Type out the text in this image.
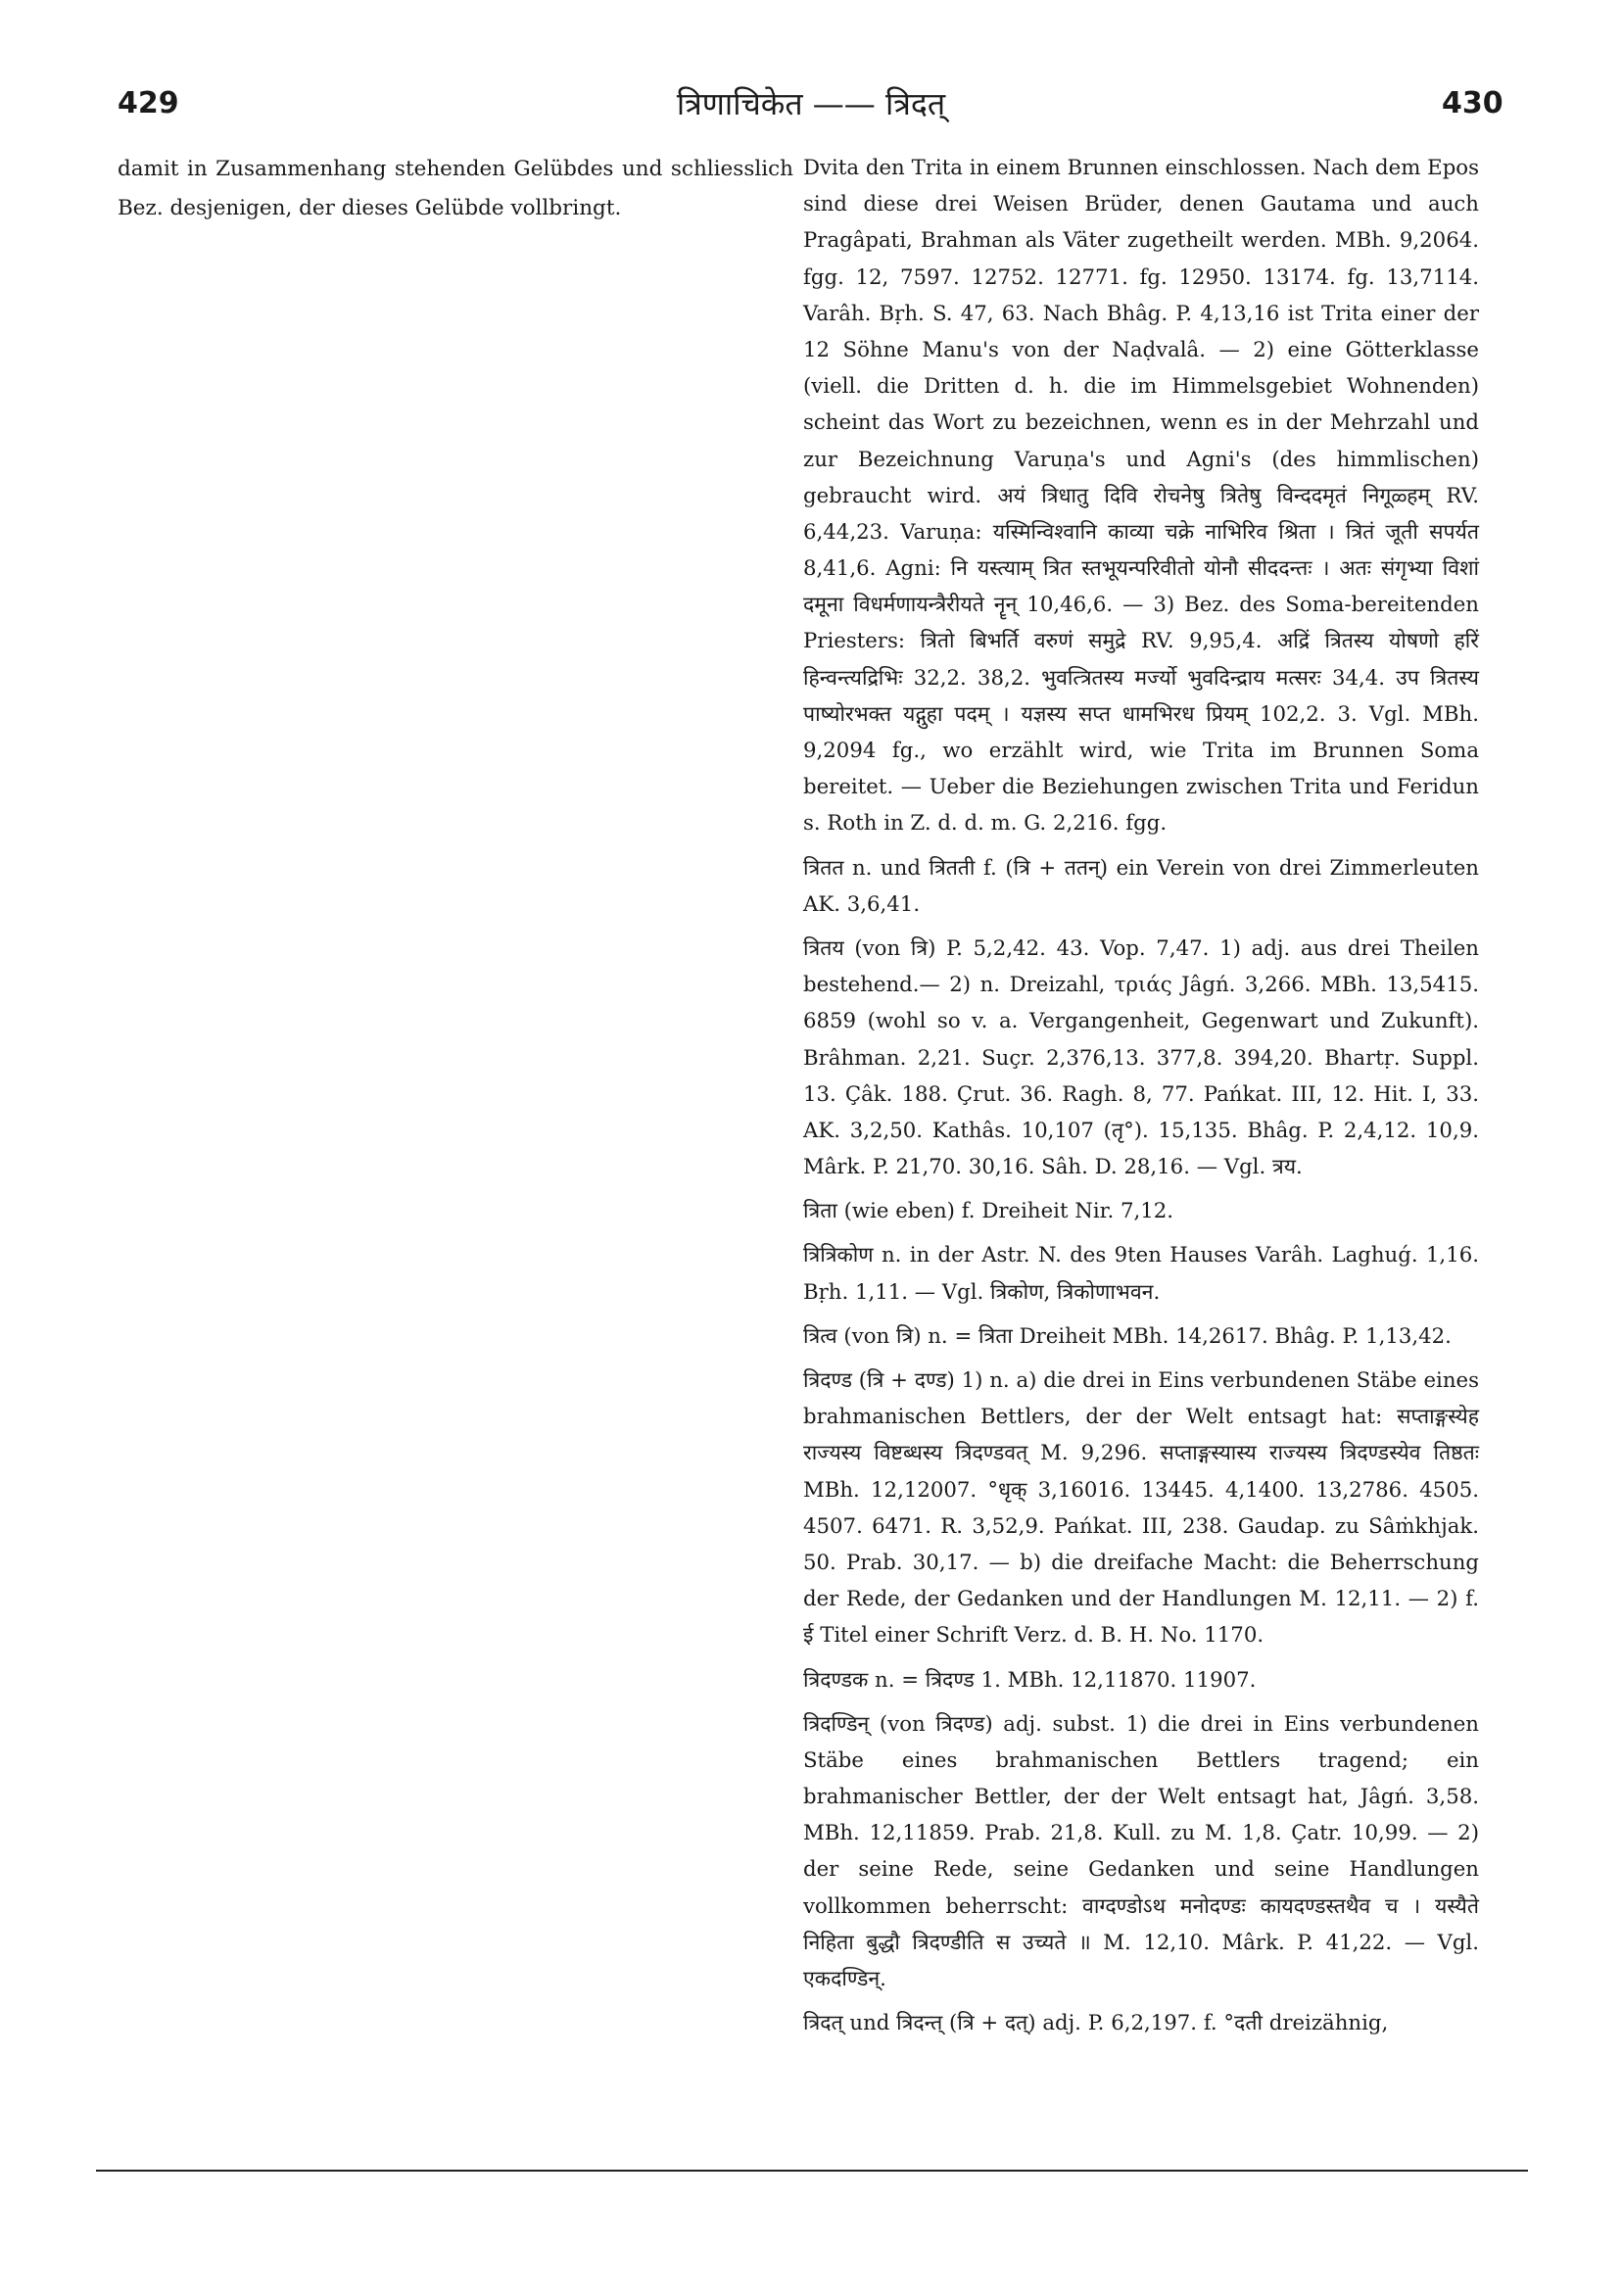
429	त्रिणाचिकेत —— त्रिदत्	430

damit in Zusammenhang stehenden Gelübdes und schliesslich Bez. desjenigen, der dieses Gelübde vollbringt.

Dvita den Trita in einem Brunnen einschlossen. Nach dem Epos sind diese drei Weisen Brüder, denen Gautama und auch Pragâpati, Brahman als Väter zugetheilt werden. MBh. 9,2064. fgg. 12, 7597. 12752. 12771. fg. 12950. 13174. fg. 13,7114. Varâh. Bṛh. S. 47, 63. Nach Bhâg. P. 4,13,16 ist Trita einer der 12 Söhne Manu's von der Naḍvalâ. — 2) eine Götterklasse (viell. die Dritten d. h. die im Himmelsgebiet Wohnenden) scheint das Wort zu bezeichnen, wenn es in der Mehrzahl und zur Bezeichnung Varuṇa's und Agni's (des himmlischen) gebraucht wird. अयं त्रिधातु दिवि रोचनेषु त्रितेषु विन्ददमृतं निगूळ्हम् RV. 6,44,23. Varuṇa: यस्मिन्विश्वानि काव्या चक्रे नाभिरिव श्रिता । त्रितं जूती सपर्यत 8,41,6. Agni: नि यस्त्याम् त्रित स्तभूयन्परिवीतो योनौ सीददन्तः । अतः संगृभ्या विशां दमूना विधर्मणायन्त्रैरीयते नॄन् 10,46,6. — 3) Bez. des Soma-bereitenden Priesters: त्रितो बिभर्ति वरुणं समुद्रे RV. 9,95,4. अद्रिं त्रितस्य योषणो हरिं हिन्वन्त्यद्रिभिः 32,2. 38,2. भुवत्त्रितस्य मर्ज्यो भुवदिन्द्राय मत्सरः 34,4. उप त्रितस्य पाष्योरभक्त यद्गुहा पदम् । यज्ञस्य सप्त धामभिरध प्रियम् 102,2. 3. Vgl. MBh. 9,2094 fg., wo erzählt wird, wie Trita im Brunnen Soma bereitet. — Ueber die Beziehungen zwischen Trita und Feridun s. Roth in Z. d. d. m. G. 2,216. fgg.

त्रितत n. und त्रितती f. (त्रि + ततन्) ein Verein von drei Zimmerleuten AK. 3,6,41.

त्रितय (von त्रि) P. 5,2,42. 43. Vop. 7,47. 1) adj. aus drei Theilen bestehend.— 2) n. Dreizahl, τριάς Jâgń. 3,266. MBh. 13,5415. 6859 (wohl so v. a. Vergangenheit, Gegenwart und Zukunft). Brâhman. 2,21. Suçr. 2,376,13. 377,8. 394,20. Bhartṛ. Suppl. 13. Çâk. 188. Çrut. 36. Ragh. 8, 77. Pańkat. III, 12. Hit. I, 33. AK. 3,2,50. Kathâs. 10,107 (तृ°). 15,135. Bhâg. P. 2,4,12. 10,9. Mârk. P. 21,70. 30,16. Sâh. D. 28,16. — Vgl. त्रय.

त्रिता (wie eben) f. Dreiheit Nir. 7,12.

त्रित्रिकोण n. in der Astr. N. des 9ten Hauses Varâh. Laghuǵ. 1,16. Bṛh. 1,11. — Vgl. त्रिकोण, त्रिकोणाभवन.

त्रित्व (von त्रि) n. = त्रिता Dreiheit MBh. 14,2617. Bhâg. P. 1,13,42.

त्रिदण्ड (त्रि + दण्ड) 1) n. a) die drei in Eins verbundenen Stäbe eines brahmanischen Bettlers, der der Welt entsagt hat: सप्ताङ्गस्येह राज्यस्य विष्टब्धस्य त्रिदण्डवत् M. 9,296. सप्ताङ्गस्यास्य राज्यस्य त्रिदण्डस्येव तिष्ठतः MBh. 12,12007. °धृक् 3,16016. 13445. 4,1400. 13,2786. 4505. 4507. 6471. R. 3,52,9. Pańkat. III, 238. Gaudap. zu Sâṁkhjak. 50. Prab. 30,17. — b) die dreifache Macht: die Beherrschung der Rede, der Gedanken und der Handlungen M. 12,11. — 2) f. ई Titel einer Schrift Verz. d. B. H. No. 1170.

त्रिदण्डक n. = त्रिदण्ड 1. MBh. 12,11870. 11907.

त्रिदण्डिन् (von त्रिदण्ड) adj. subst. 1) die drei in Eins verbundenen Stäbe eines brahmanischen Bettlers tragend; ein brahmanischer Bettler, der der Welt entsagt hat, Jâgń. 3,58. MBh. 12,11859. Prab. 21,8. Kull. zu M. 1,8. Çatr. 10,99. — 2) der seine Rede, seine Gedanken und seine Handlungen vollkommen beherrscht: वाग्दण्डोऽथ मनोदण्डः कायदण्डस्तथैव च । यस्यैते निहिता बुद्धौ त्रिदण्डीति स उच्यते ॥ M. 12,10. Mârk. P. 41,22. — Vgl. एकदण्डिन्.

त्रिदत् und त्रिदन्त् (त्रि + दत्) adj. P. 6,2,197. f. °दती dreizähnig,
